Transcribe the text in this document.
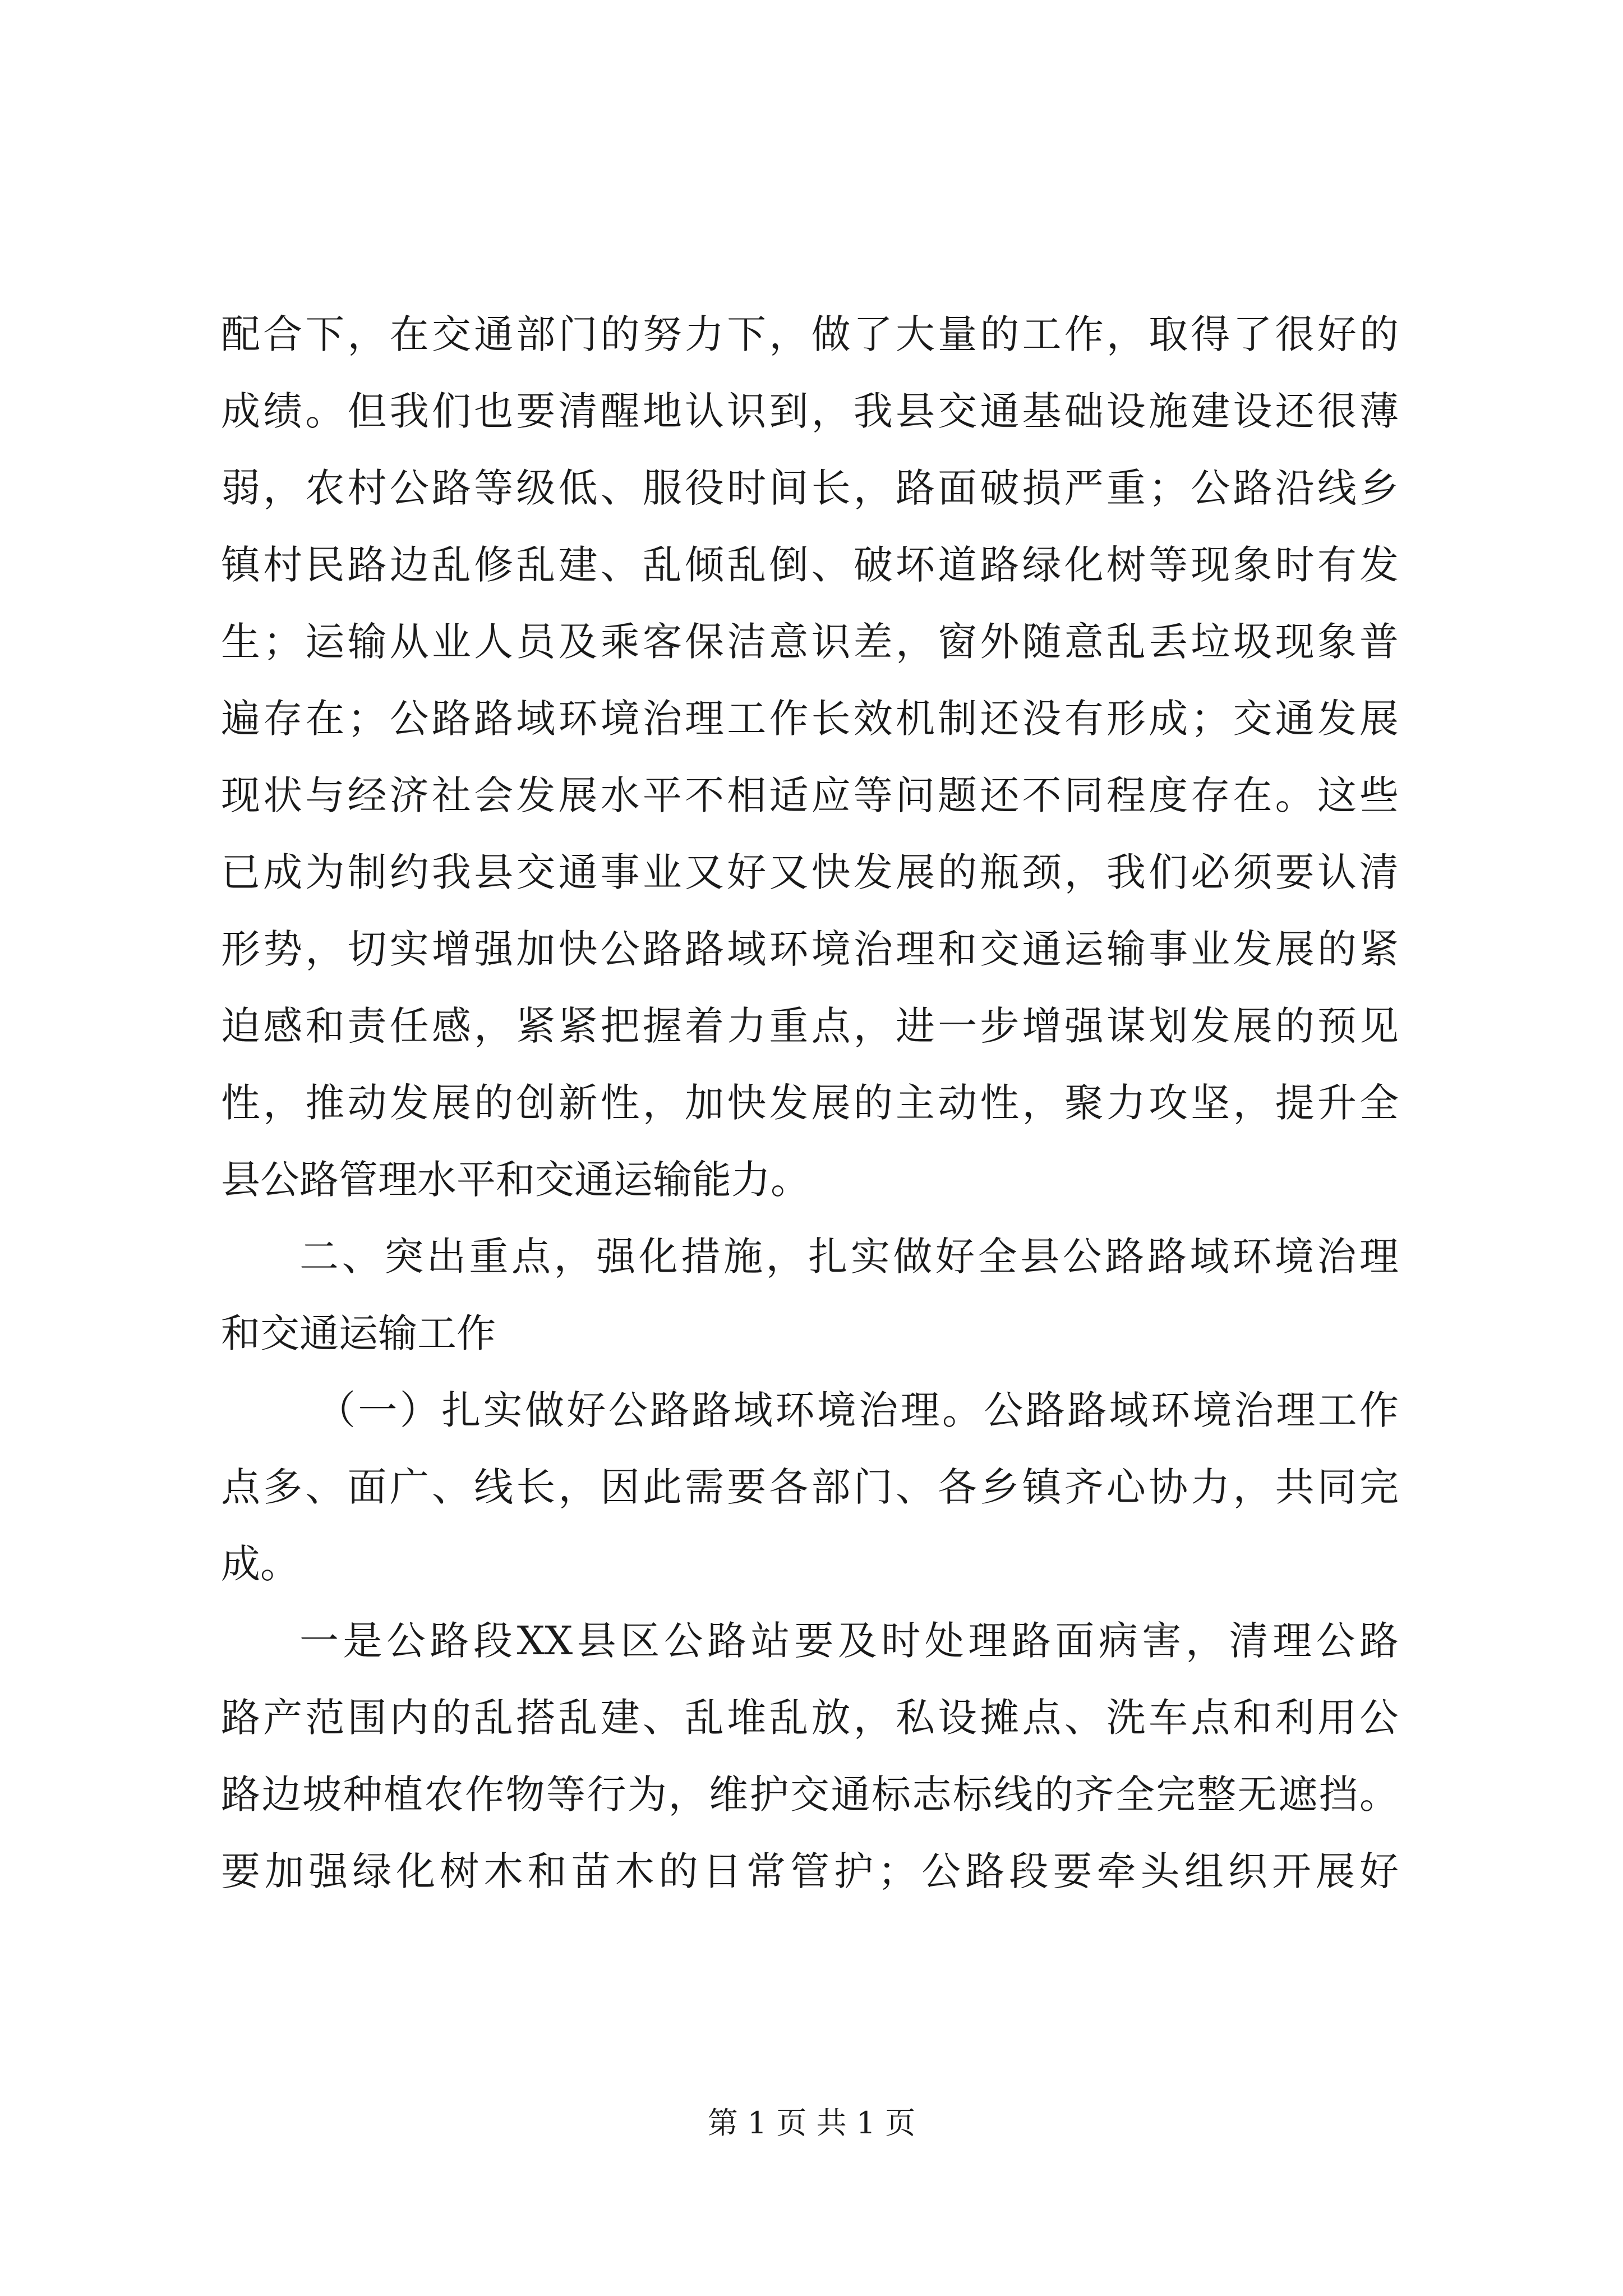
配合下，在交通部门的努力下，做了大量的工作，取得了很好的
成绩。但我们也要清醒地认识到，我县交通基础设施建设还很薄
弱，农村公路等级低、服役时间长，路面破损严重；公路沿线乡
镇村民路边乱修乱建、乱倾乱倒、破坏道路绿化树等现象时有发
生；运输从业人员及乘客保洁意识差，窗外随意乱丢垃圾现象普
遍存在；公路路域环境治理工作长效机制还没有形成；交通发展
现状与经济社会发展水平不相适应等问题还不同程度存在。这些
已成为制约我县交通事业又好又快发展的瓶颈，我们必须要认清
形势，切实增强加快公路路域环境治理和交通运输事业发展的紧
迫感和责任感，紧紧把握着力重点，进一步增强谋划发展的预见
性，推动发展的创新性，加快发展的主动性，聚力攻坚，提升全
县公路管理水平和交通运输能力。
二、突出重点，强化措施，扎实做好全县公路路域环境治理
和交通运输工作
（一）扎实做好公路路域环境治理。公路路域环境治理工作
点多、面广、线长，因此需要各部门、各乡镇齐心协力，共同完
成。
一是公路段XX县区公路站要及时处理路面病害，清理公路
路产范围内的乱搭乱建、乱堆乱放，私设摊点、洗车点和利用公
路边坡种植农作物等行为，维护交通标志标线的齐全完整无遮挡。
要加强绿化树木和苗木的日常管护；公路段要牵头组织开展好
第 1 页 共 1 页
